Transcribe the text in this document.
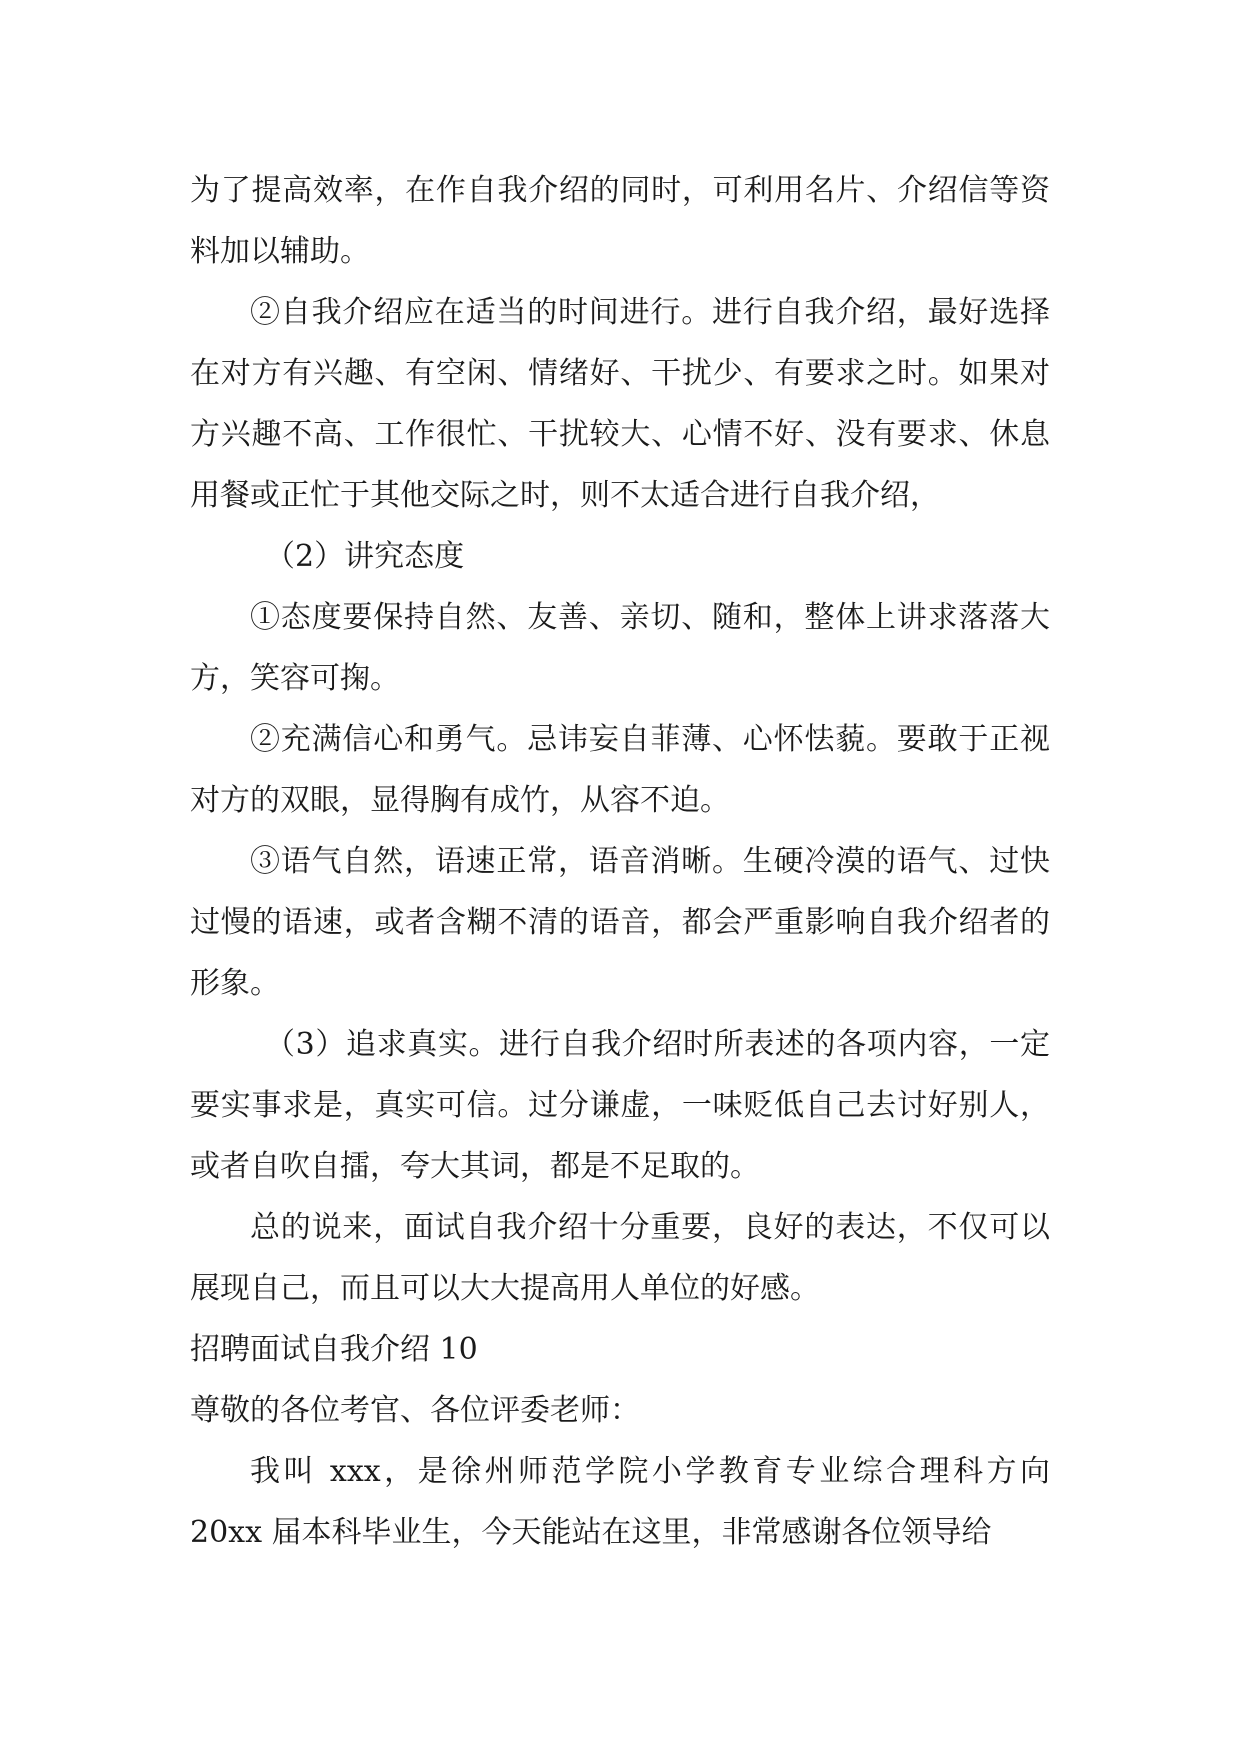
为了提高效率，在作自我介绍的同时，可利用名片、介绍信等资料加以辅助。

②自我介绍应在适当的时间进行。进行自我介绍，最好选择在对方有兴趣、有空闲、情绪好、干扰少、有要求之时。如果对方兴趣不高、工作很忙、干扰较大、心情不好、没有要求、休息用餐或正忙于其他交际之时，则不太适合进行自我介绍，

（2）讲究态度

①态度要保持自然、友善、亲切、随和，整体上讲求落落大方，笑容可掬。

②充满信心和勇气。忌讳妄自菲薄、心怀怯藐。要敢于正视对方的双眼，显得胸有成竹，从容不迫。

③语气自然，语速正常，语音消晰。生硬冷漠的语气、过快过慢的语速，或者含糊不清的语音，都会严重影响自我介绍者的形象。

（3）追求真实。进行自我介绍时所表述的各项内容，一定要实事求是，真实可信。过分谦虚，一味贬低自己去讨好别人，或者自吹自擂，夸大其词，都是不足取的。

总的说来，面试自我介绍十分重要，良好的表达，不仅可以展现自己，而且可以大大提高用人单位的好感。

招聘面试自我介绍 10

尊敬的各位考官、各位评委老师：

我叫 xxx，是徐州师范学院小学教育专业综合理科方向 20xx 届本科毕业生，今天能站在这里，非常感谢各位领导给
